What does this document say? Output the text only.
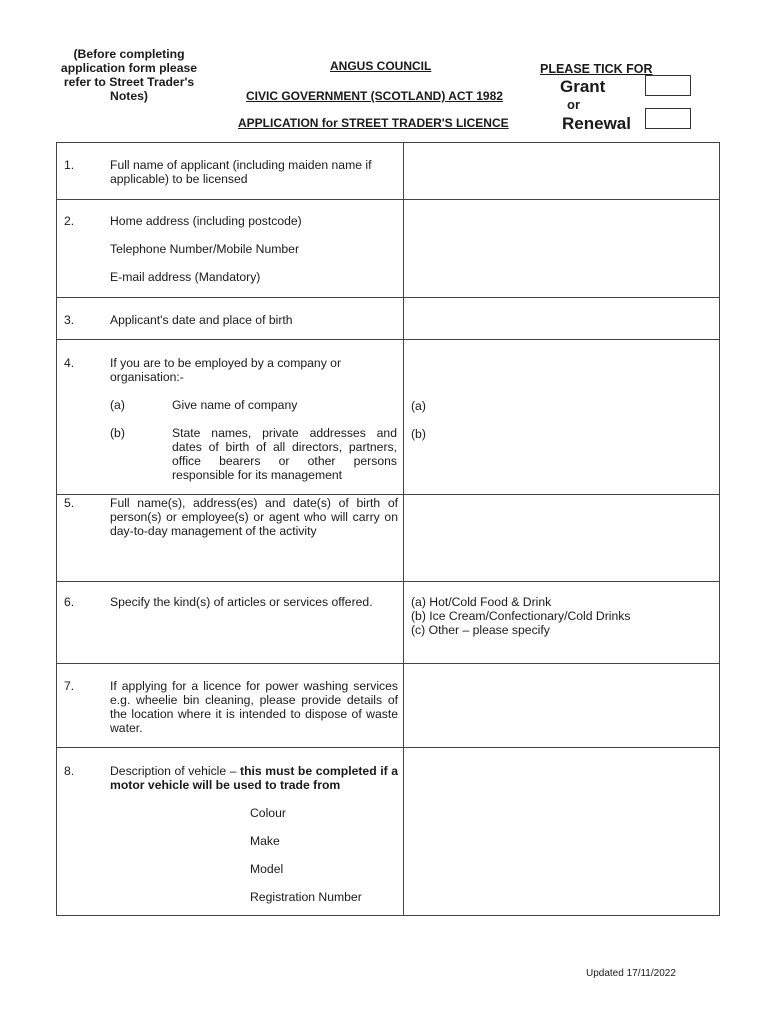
(Before completing application form please refer to Street Trader's Notes)
ANGUS COUNCIL
CIVIC GOVERNMENT (SCOTLAND) ACT 1982
APPLICATION for STREET TRADER'S LICENCE
PLEASE TICK FOR
Grant
or
Renewal
1.	Full name of applicant (including maiden name if applicable) to be licensed
2.	Home address (including postcode)
Telephone Number/Mobile Number
E-mail address (Mandatory)
3.	Applicant's date and place of birth
4.	If you are to be employed by a company or organisation:-
(a)	Give name of company	(a)
(b)	State names, private addresses and dates of birth of all directors, partners, office bearers or other persons responsible for its management
(b)
5.	Full name(s), address(es) and date(s) of birth of person(s) or employee(s) or agent who will carry on day-to-day management of the activity
6.	Specify the kind(s) of articles or services offered.	(a) Hot/Cold Food & Drink
(b) Ice Cream/Confectionary/Cold Drinks
(c) Other – please specify
7.	If applying for a licence for power washing services e.g. wheelie bin cleaning, please provide details of the location where it is intended to dispose of waste water.
8.	Description of vehicle – this must be completed if a motor vehicle will be used to trade from
Colour
Make
Model
Registration Number
Updated 17/11/2022
